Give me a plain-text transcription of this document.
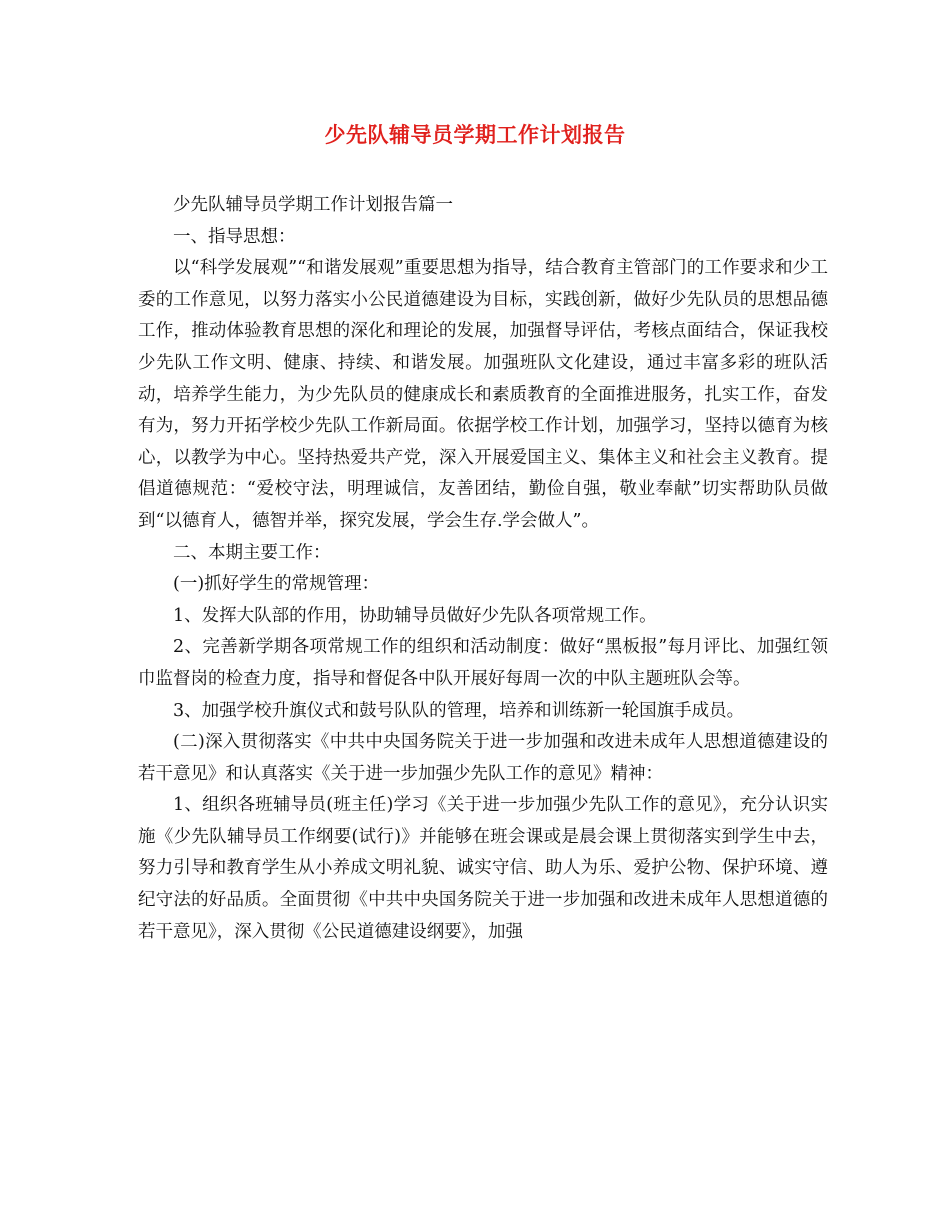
少先队辅导员学期工作计划报告

少先队辅导员学期工作计划报告篇一

一、指导思想：

以“科学发展观”“和谐发展观”重要思想为指导，结合教育主管部门的工作要求和少工委的工作意见，以努力落实小公民道德建设为目标，实践创新，做好少先队员的思想品德工作，推动体验教育思想的深化和理论的发展，加强督导评估，考核点面结合，保证我校少先队工作文明、健康、持续、和谐发展。加强班队文化建设，通过丰富多彩的班队活动，培养学生能力，为少先队员的健康成长和素质教育的全面推进服务，扎实工作，奋发有为，努力开拓学校少先队工作新局面。依据学校工作计划，加强学习，坚持以德育为核心，以教学为中心。坚持热爱共产党，深入开展爱国主义、集体主义和社会主义教育。提倡道德规范：“爱校守法，明理诚信，友善团结，勤俭自强，敬业奉献”切实帮助队员做到“以德育人，德智并举，探究发展，学会生存.学会做人”。

二、本期主要工作：

(一)抓好学生的常规管理：

1、发挥大队部的作用，协助辅导员做好少先队各项常规工作。

2、完善新学期各项常规工作的组织和活动制度：做好“黑板报”每月评比、加强红领巾监督岗的检查力度，指导和督促各中队开展好每周一次的中队主题班队会等。

3、加强学校升旗仪式和鼓号队队的管理，培养和训练新一轮国旗手成员。

(二)深入贯彻落实《中共中央国务院关于进一步加强和改进未成年人思想道德建设的若干意见》和认真落实《关于进一步加强少先队工作的意见》精神：

1、组织各班辅导员(班主任)学习《关于进一步加强少先队工作的意见》，充分认识实施《少先队辅导员工作纲要(试行)》并能够在班会课或是晨会课上贯彻落实到学生中去，努力引导和教育学生从小养成文明礼貌、诚实守信、助人为乐、爱护公物、保护环境、遵纪守法的好品质。全面贯彻《中共中央国务院关于进一步加强和改进未成年人思想道德的若干意见》，深入贯彻《公民道德建设纲要》，加强
